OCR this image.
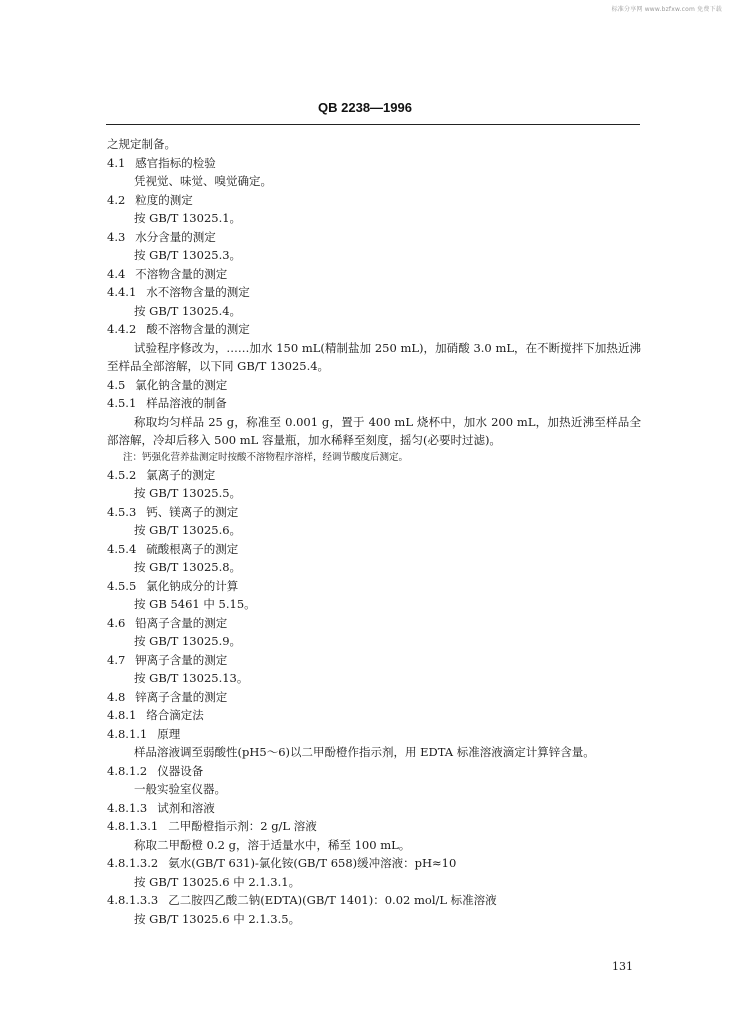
标准分享网 www.bzfxw.com 免费下载
QB 2238—1996
之规定制备。
4.1 感官指标的检验
凭视觉、味觉、嗅觉确定。
4.2 粒度的测定
按 GB/T 13025.1。
4.3 水分含量的测定
按 GB/T 13025.3。
4.4 不溶物含量的测定
4.4.1 水不溶物含量的测定
按 GB/T 13025.4。
4.4.2 酸不溶物含量的测定
试验程序修改为，……加水 150 mL(精制盐加 250 mL)，加硝酸 3.0 mL，在不断搅拌下加热近沸至样品全部溶解，以下同 GB/T 13025.4。
4.5 氯化钠含量的测定
4.5.1 样品溶液的制备
称取均匀样品 25 g，称准至 0.001 g，置于 400 mL 烧杯中，加水 200 mL，加热近沸至样品全部溶解，冷却后移入 500 mL 容量瓶，加水稀释至刻度，摇匀(必要时过滤)。
注：钙强化营养盐测定时按酸不溶物程序溶样，经调节酸度后测定。
4.5.2 氯离子的测定
按 GB/T 13025.5。
4.5.3 钙、镁离子的测定
按 GB/T 13025.6。
4.5.4 硫酸根离子的测定
按 GB/T 13025.8。
4.5.5 氯化钠成分的计算
按 GB 5461 中 5.15。
4.6 铅离子含量的测定
按 GB/T 13025.9。
4.7 钾离子含量的测定
按 GB/T 13025.13。
4.8 锌离子含量的测定
4.8.1 络合滴定法
4.8.1.1 原理
样品溶液调至弱酸性(pH5～6)以二甲酚橙作指示剂，用 EDTA 标准溶液滴定计算锌含量。
4.8.1.2 仪器设备
一般实验室仪器。
4.8.1.3 试剂和溶液
4.8.1.3.1 二甲酚橙指示剂：2 g/L 溶液
称取二甲酚橙 0.2 g，溶于适量水中，稀至 100 mL。
4.8.1.3.2 氨水(GB/T 631)-氯化铵(GB/T 658)缓冲溶液：pH≈10
按 GB/T 13025.6 中 2.1.3.1。
4.8.1.3.3 乙二胺四乙酸二钠(EDTA)(GB/T 1401)：0.02 mol/L 标准溶液
按 GB/T 13025.6 中 2.1.3.5。
131
